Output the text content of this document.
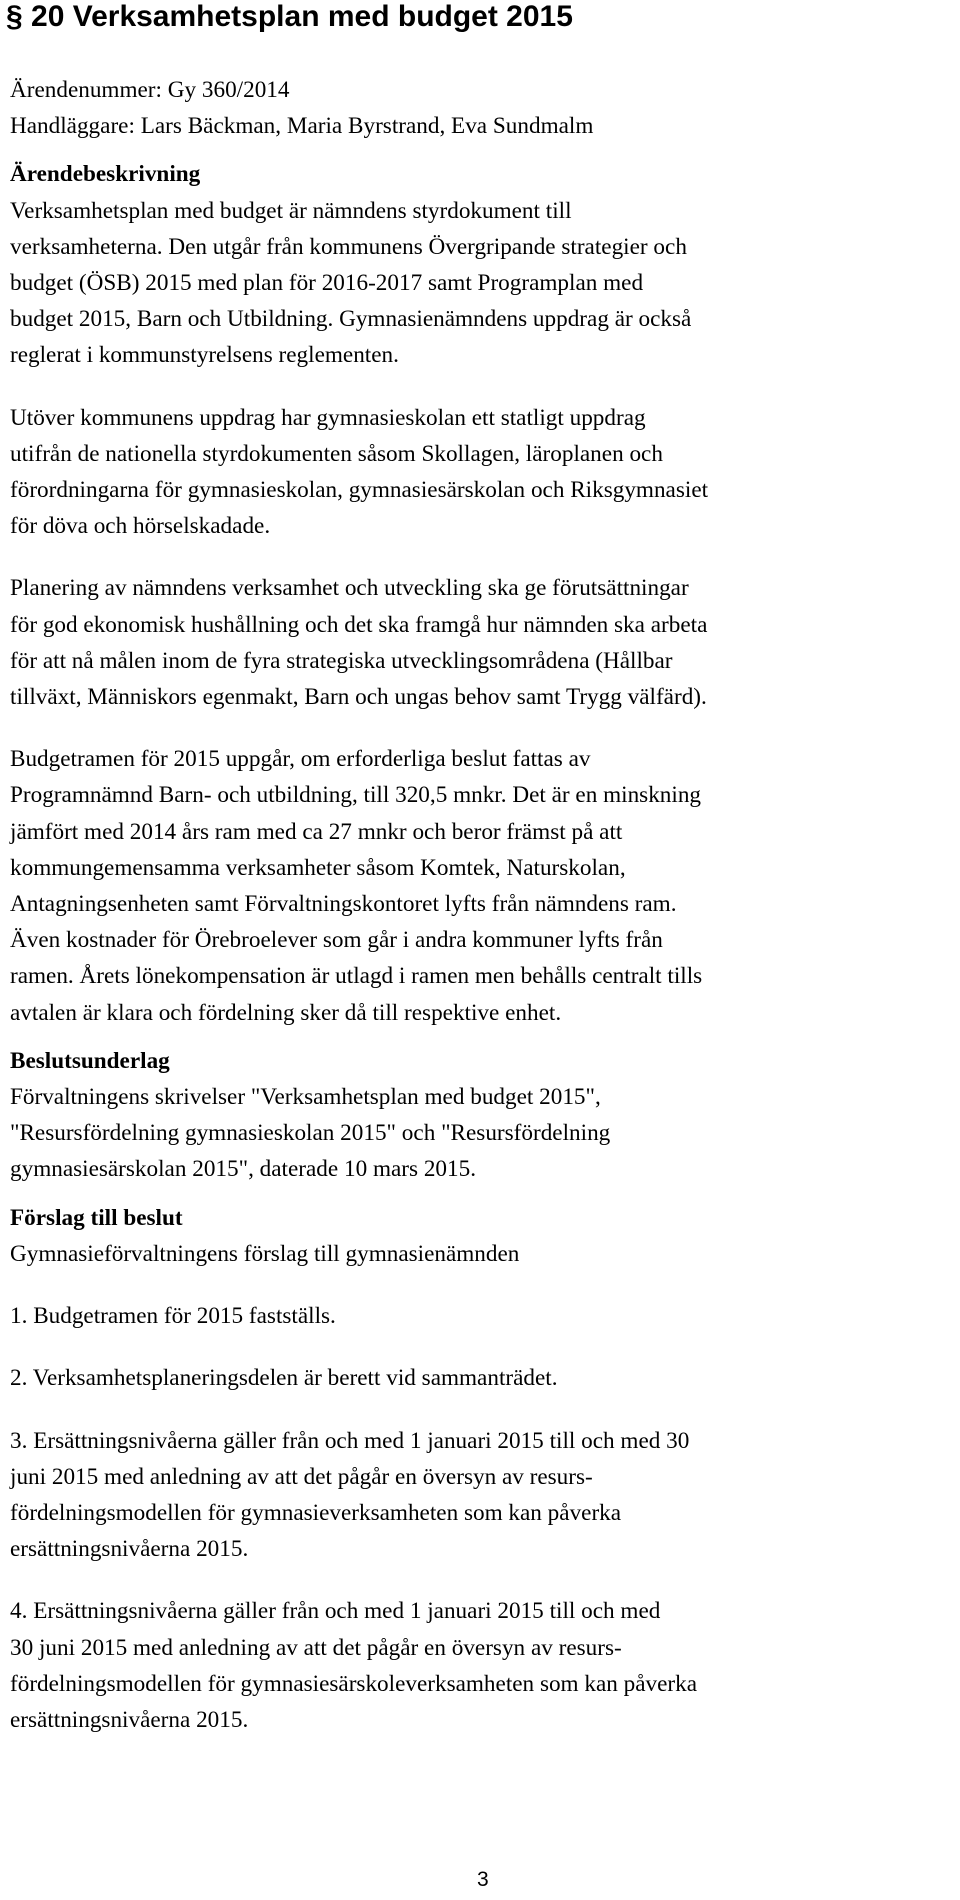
§ 20 Verksamhetsplan med budget 2015
Ärendenummer: Gy 360/2014
Handläggare: Lars Bäckman, Maria Byrstrand, Eva Sundmalm
Ärendebeskrivning
Verksamhetsplan med budget är nämndens styrdokument till
verksamheterna. Den utgår från kommunens Övergripande strategier och
budget (ÖSB) 2015 med plan för 2016-2017 samt Programplan med
budget 2015, Barn och Utbildning. Gymnasienämndens uppdrag är också
reglerat i kommunstyrelsens reglementen.
Utöver kommunens uppdrag har gymnasieskolan ett statligt uppdrag
utifrån de nationella styrdokumenten såsom Skollagen, läroplanen och
förordningarna för gymnasieskolan, gymnasiesärskolan och Riksgymnasiet
för döva och hörselskadade.
Planering av nämndens verksamhet och utveckling ska ge förutsättningar
för god ekonomisk hushållning och det ska framgå hur nämnden ska arbeta
för att nå målen inom de fyra strategiska utvecklingsområdena (Hållbar
tillväxt, Människors egenmakt, Barn och ungas behov samt Trygg välfärd).
Budgetramen för 2015 uppgår, om erforderliga beslut fattas av
Programnämnd Barn- och utbildning, till 320,5 mnkr. Det är en minskning
jämfört med 2014 års ram med ca 27 mnkr och beror främst på att
kommungemensamma verksamheter såsom Komtek, Naturskolan,
Antagningsenheten samt Förvaltningskontoret lyfts från nämndens ram.
Även kostnader för Örebroelever som går i andra kommuner lyfts från
ramen. Årets lönekompensation är utlagd i ramen men behålls centralt tills
avtalen är klara och fördelning sker då till respektive enhet.
Beslutsunderlag
Förvaltningens skrivelser "Verksamhetsplan med budget 2015",
"Resursfördelning gymnasieskolan 2015" och "Resursfördelning
gymnasiesärskolan 2015", daterade 10 mars 2015.
Förslag till beslut
Gymnasieförvaltningens förslag till gymnasienämnden
1. Budgetramen för 2015 fastställs.
2. Verksamhetsplaneringsdelen är berett vid sammanträdet.
3. Ersättningsnivåerna gäller från och med 1 januari 2015 till och med 30
juni 2015 med anledning av att det pågår en översyn av resurs-
fördelningsmodellen för gymnasieverksamheten som kan påverka
ersättningsnivåerna 2015.
4. Ersättningsnivåerna gäller från och med 1 januari 2015 till och med
30 juni 2015 med anledning av att det pågår en översyn av resurs-
fördelningsmodellen för gymnasiesärskoleverksamheten som kan påverka
ersättningsnivåerna 2015.
3
